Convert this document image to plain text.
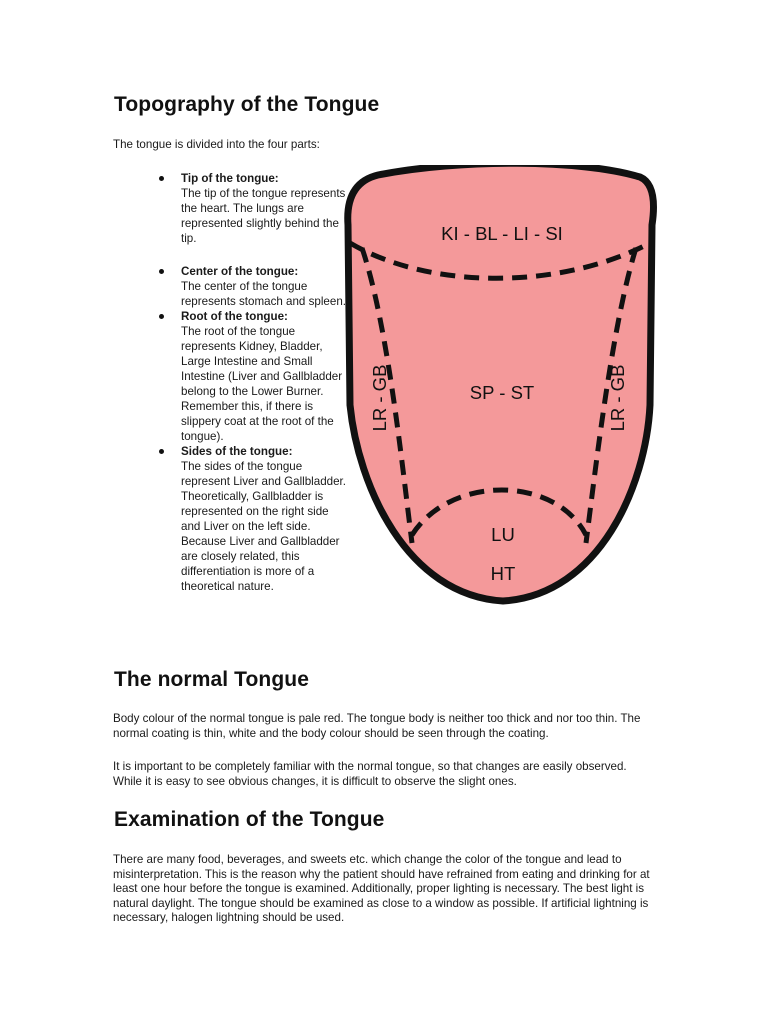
Topography of the Tongue

The tongue is divided into the four parts:

Tip of the tongue:
The tip of the tongue represents the heart. The lungs are represented slightly behind the tip.
Center of the tongue:
The center of the tongue represents stomach and spleen.
Root of the tongue:
The root of the tongue represents Kidney, Bladder, Large Intestine and Small Intestine (Liver and Gallbladder belong to the Lower Burner. Remember this, if there is slippery coat at the root of the tongue).
Sides of the tongue:
The sides of the tongue represent Liver and Gallbladder. Theoretically, Gallbladder is represented on the right side and Liver on the left side. Because Liver and Gallbladder are closely related, this differentiation is more of a theoretical nature.
KI - BL - LI - SI
SP - ST
LU
HT
LR - GB	LR - GB
The normal Tongue

Body colour of the normal tongue is pale red. The tongue body is neither too thick and nor too thin. The normal coating is thin, white and the body colour should be seen through the coating.

It is important to be completely familiar with the normal tongue, so that changes are easily observed. While it is easy to see obvious changes, it is difficult to observe the slight ones.

Examination of the Tongue

There are many food, beverages, and sweets etc. which change the color of the tongue and lead to misinterpretation. This is the reason why the patient should have refrained from eating and drinking for at least one hour before the tongue is examined. Additionally, proper lighting is necessary. The best light is natural daylight. The tongue should be examined as close to a window as possible. If artificial lightning is necessary, halogen lightning should be used.
